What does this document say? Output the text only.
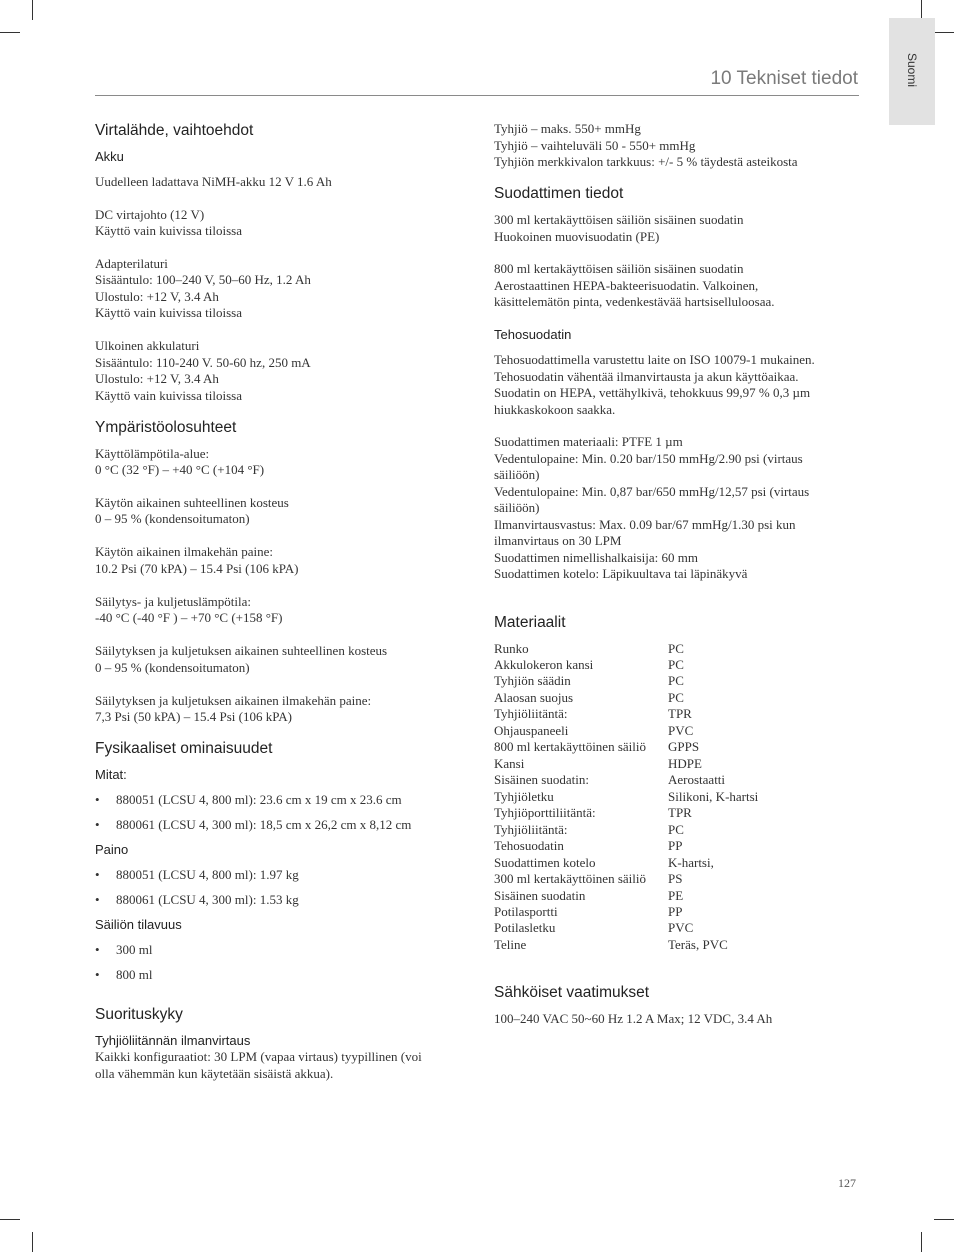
Suomi
10 Tekniset tiedot
Virtalähde, vaihtoehdot
Akku
Uudelleen ladattava NiMH-akku 12 V 1.6 Ah
DC virtajohto (12 V)
Käyttö vain kuivissa tiloissa
Adapterilaturi
Sisääntulo: 100–240 V, 50–60 Hz, 1.2 Ah
Ulostulo: +12 V, 3.4 Ah
Käyttö vain kuivissa tiloissa
Ulkoinen akkulaturi
Sisääntulo: 110-240 V. 50-60 hz, 250 mA
Ulostulo: +12 V, 3.4 Ah
Käyttö vain kuivissa tiloissa
Ympäristöolosuhteet
Käyttölämpötila-alue:
0 °C (32 °F) – +40 °C (+104 °F)
Käytön aikainen suhteellinen kosteus
0 – 95 % (kondensoitumaton)
Käytön aikainen ilmakehän paine:
10.2 Psi (70 kPA) – 15.4 Psi (106 kPA)
Säilytys- ja kuljetuslämpötila:
-40 °C (-40 °F ) – +70 °C (+158 °F)
Säilytyksen ja kuljetuksen aikainen suhteellinen kosteus
0 – 95 % (kondensoitumaton)
Säilytyksen ja kuljetuksen aikainen ilmakehän paine:
7,3 Psi (50 kPA) – 15.4 Psi (106 kPA)
Fysikaaliset ominaisuudet
Mitat:
• 880051 (LCSU 4, 800 ml): 23.6 cm x 19 cm x 23.6 cm
• 880061 (LCSU 4, 300 ml): 18,5 cm x 26,2 cm x 8,12 cm
Paino
• 880051 (LCSU 4, 800 ml): 1.97 kg
• 880061 (LCSU 4, 300 ml): 1.53 kg
Säiliön tilavuus
• 300 ml
• 800 ml
Suorituskyky
Tyhjiöliitännän ilmanvirtaus
Kaikki konfiguraatiot: 30 LPM (vapaa virtaus) tyypillinen (voi
olla vähemmän kun käytetään sisäistä akkua).
Tyhjiö – maks. 550+ mmHg
Tyhjiö – vaihteluväli 50 - 550+ mmHg
Tyhjiön merkkivalon tarkkuus: +/- 5 % täydestä asteikosta
Suodattimen tiedot
300 ml kertakäyttöisen säiliön sisäinen suodatin
Huokoinen muovisuodatin (PE)
800 ml kertakäyttöisen säiliön sisäinen suodatin
Aerostaattinen HEPA-bakteerisuodatin. Valkoinen,
käsittelemätön pinta, vedenkestävää hartsiselluloosaa.
Tehosuodatin
Tehosuodattimella varustettu laite on ISO 10079-1 mukainen.
Tehosuodatin vähentää ilmanvirtausta ja akun käyttöaikaa.
Suodatin on HEPA, vettähylkivä, tehokkuus 99,97 % 0,3 µm
hiukkaskokoon saakka.
Suodattimen materiaali: PTFE 1 µm
Vedentulopaine: Min. 0.20 bar/150 mmHg/2.90 psi (virtaus
säiliöön)
Vedentulopaine: Min. 0,87 bar/650 mmHg/12,57 psi (virtaus
säiliöön)
Ilmanvirtausvastus: Max. 0.09 bar/67 mmHg/1.30 psi kun
ilmanvirtaus on 30 LPM
Suodattimen nimellishalkaisija: 60 mm
Suodattimen kotelo: Läpikuultava tai läpinäkyvä
Materiaalit
Runko	PC
Akkulokeron kansi	PC
Tyhjiön säädin	PC
Alaosan suojus	PC
Tyhjiöliitäntä:	TPR
Ohjauspaneeli	PVC
800 ml kertakäyttöinen säiliö GPPS
Kansi	HDPE
Sisäinen suodatin:	Aerostaatti
Tyhjiöletku	Silikoni, K-hartsi
Tyhjiöporttiliitäntä:	TPR
Tyhjiöliitäntä:	PC
Tehosuodatin	PP
Suodattimen kotelo	K-hartsi,
300 ml kertakäyttöinen säiliö PS
Sisäinen suodatin	PE
Potilasportti	PP
Potilasletku	PVC
Teline	Teräs, PVC
Sähköiset vaatimukset
100–240 VAC 50~60 Hz 1.2 A Max; 12 VDC, 3.4 Ah
127
